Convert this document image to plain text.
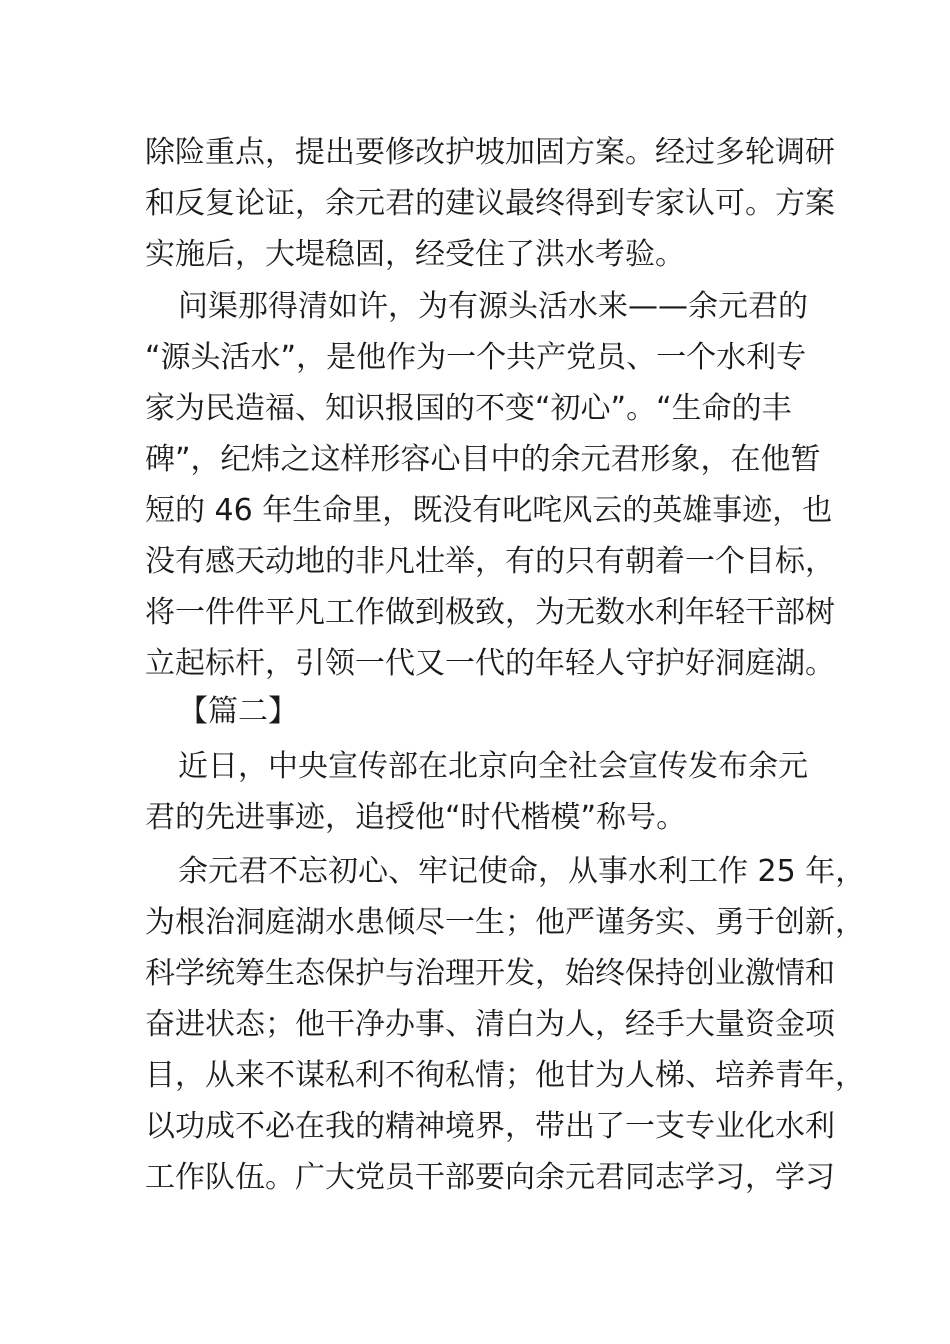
除险重点，提出要修改护坡加固方案。经过多轮调研
和反复论证，余元君的建议最终得到专家认可。方案
实施后，大堤稳固，经受住了洪水考验。
问渠那得清如许，为有源头活水来——余元君的
“源头活水”，是他作为一个共产党员、一个水利专
家为民造福、知识报国的不变“初心”。“生命的丰
碑”，纪炜之这样形容心目中的余元君形象，在他暂
短的 46 年生命里，既没有叱咤风云的英雄事迹，也
没有感天动地的非凡壮举，有的只有朝着一个目标，
将一件件平凡工作做到极致，为无数水利年轻干部树
立起标杆，引领一代又一代的年轻人守护好洞庭湖。
【篇二】
近日，中央宣传部在北京向全社会宣传发布余元
君的先进事迹，追授他“时代楷模”称号。
余元君不忘初心、牢记使命，从事水利工作 25 年，
为根治洞庭湖水患倾尽一生；他严谨务实、勇于创新，
科学统筹生态保护与治理开发，始终保持创业激情和
奋进状态；他干净办事、清白为人，经手大量资金项
目，从来不谋私利不徇私情；他甘为人梯、培养青年，
以功成不必在我的精神境界，带出了一支专业化水利
工作队伍。广大党员干部要向余元君同志学习，学习
